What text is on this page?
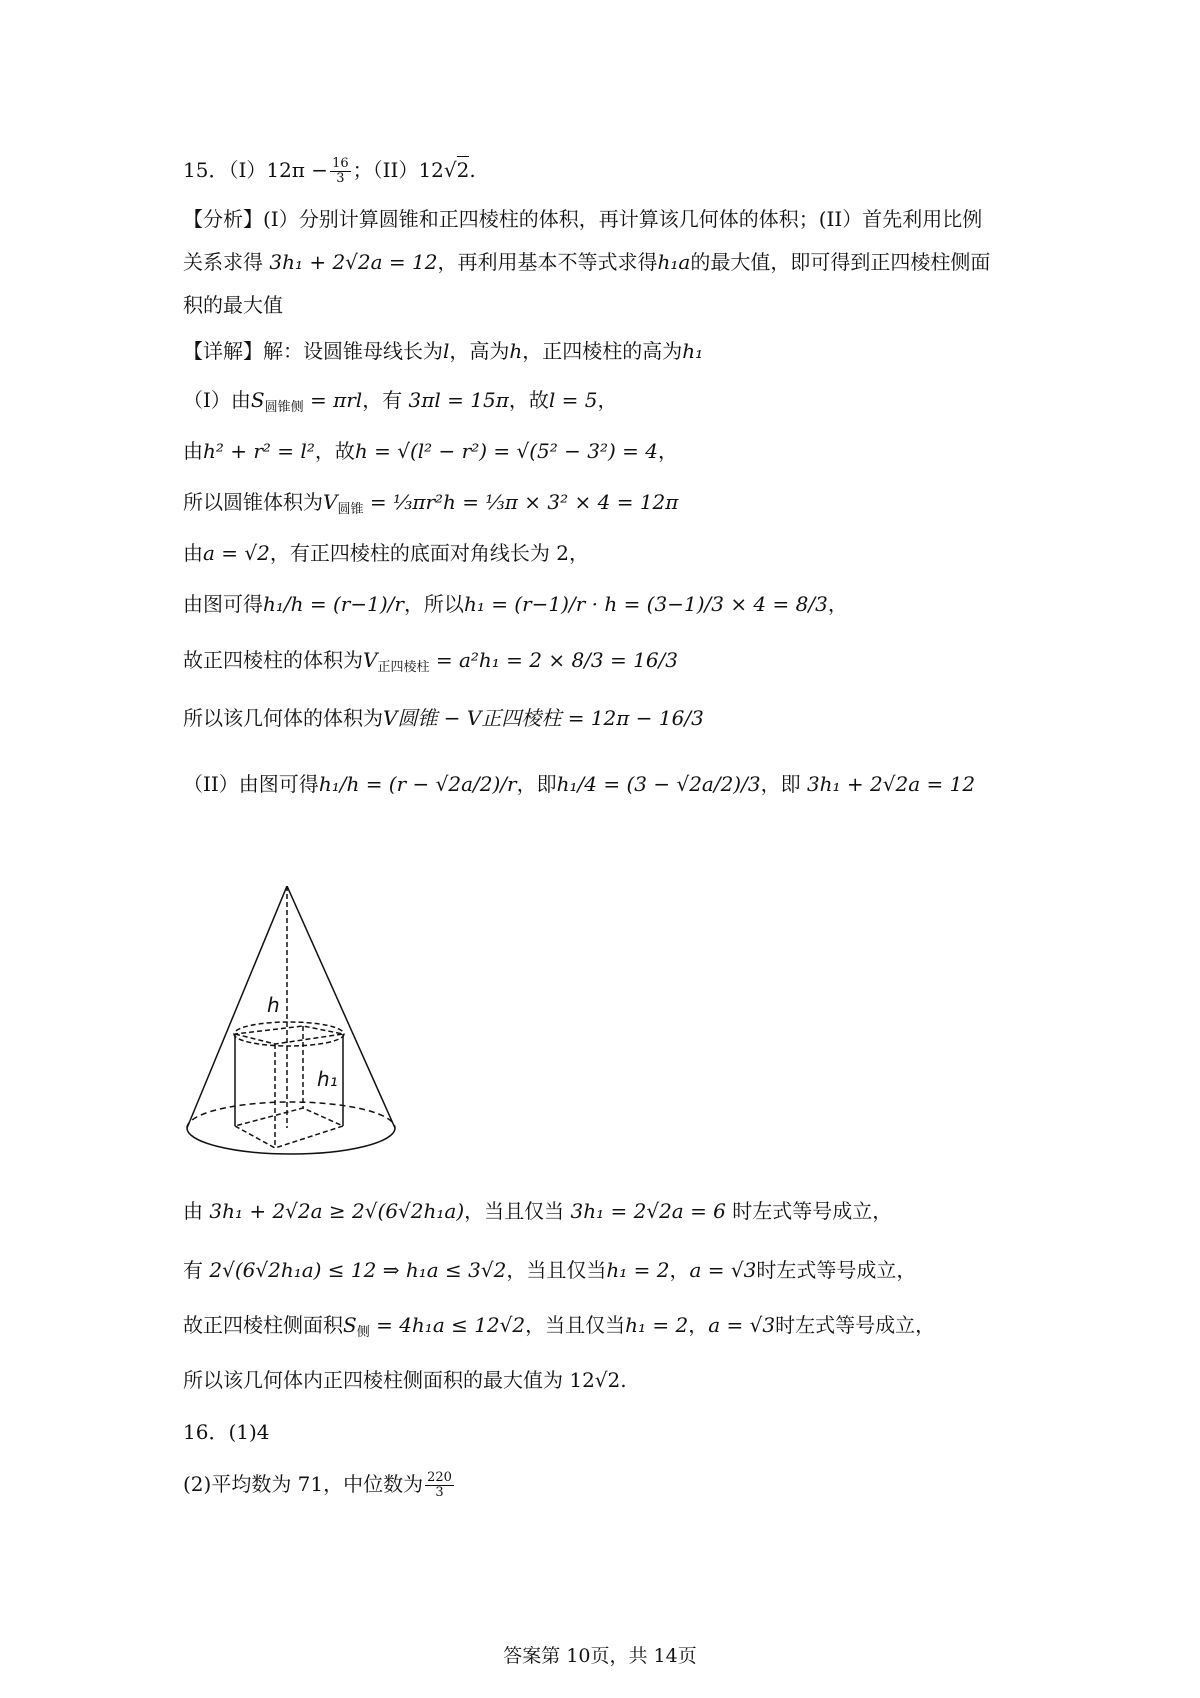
15．$(I)12\pi - \frac{16}{3}$ ；（II）12√2.
【分析】(I）分别计算圆锥和正四棱柱的体积，再计算该几何体的体积；(II）首先利用比例
关系求得 3h₁ + 2√2a = 12，再利用基本不等式求得h₁a的最大值，即可得到正四棱柱侧面
积的最大值
【详解】解：设圆锥母线长为l，高为h，正四棱柱的高为h₁
（I）由$S_{圆锥侧} = \pi rl$，有 3πl = 15π，故l = 5，
由h² + r² = l²，故h = √(l² − r²) = √(5² − 3²) = 4，
所以圆锥体积为$V_{圆锥}$ = ⅓πr²h = ⅓π × 3² × 4 = 12π
由a = √2，有正四棱柱的底面对角线长为 2，
由图可得h₁/h = (r−1)/r，所以h₁ = (r−1)/r · h = (3−1)/3 × 4 = 8/3，
故正四棱柱的体积为$V_{正四棱柱} = a^2h_1 = 2 \times 8/3 = 16/3$
所以该几何体的体积为V圆锥 − V正四棱柱 = 12π − 16/3
（II）由图可得h₁/h = (r − √2a/2)/r，即h₁/4 = (3 − √2a/2)/3，即 3h₁ + 2√2a = 12
h
h₁
由 3h₁ + 2√2a ≥ 2√(6√2h₁a)，当且仅当 3h₁ = 2√2a = 6 时左式等号成立，
有 2√(6√2h₁a) ≤ 12 ⇒ h₁a ≤ 3√2，当且仅当h₁ = 2，a = √3时左式等号成立，
故正四棱柱侧面积$S_侧 = 4h_1a \le 12√2$，当且仅当h₁ = 2，a = √3时左式等号成立，
所以该几何体内正四棱柱侧面积的最大值为 12√2.
16．(1)4
(2)平均数为 71，中位数为 $\frac{220}{3}$
答案第 10页，共 14页
